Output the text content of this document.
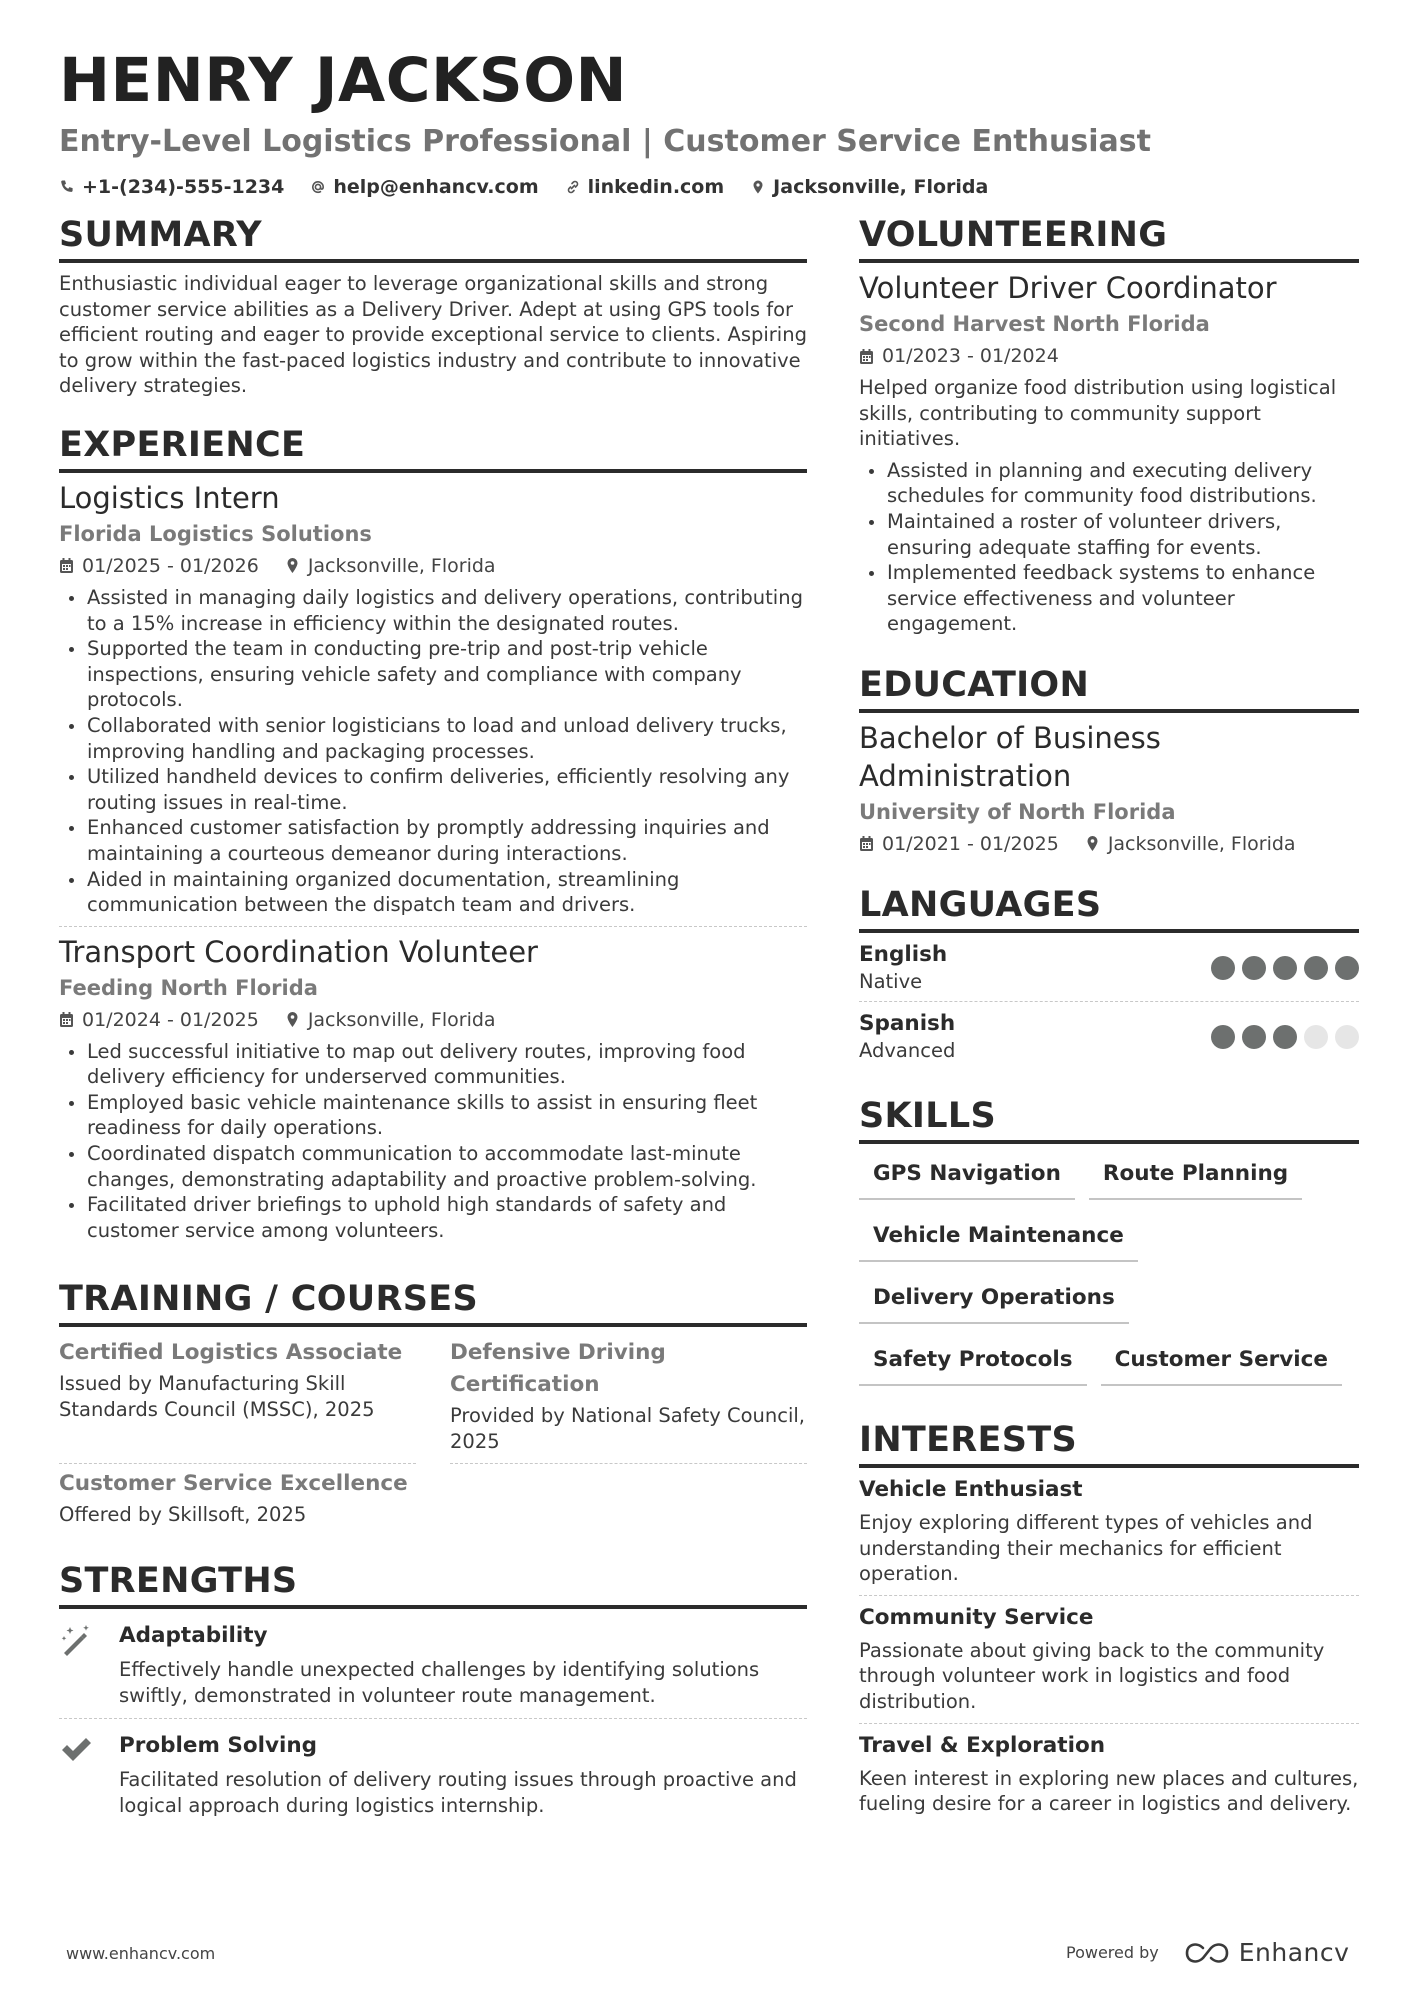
HENRY JACKSON
Entry-Level Logistics Professional | Customer Service Enthusiast
+1-(234)-555-1234	help@enhancv.com	linkedin.com	Jacksonville, Florida
SUMMARY
Enthusiastic individual eager to leverage organizational skills and strong customer service abilities as a Delivery Driver. Adept at using GPS tools for efficient routing and eager to provide exceptional service to clients. Aspiring to grow within the fast-paced logistics industry and contribute to innovative delivery strategies.
EXPERIENCE
Logistics Intern
Florida Logistics Solutions
01/2025 - 01/2026	Jacksonville, Florida
Assisted in managing daily logistics and delivery operations, contributing to a 15% increase in efficiency within the designated routes.
Supported the team in conducting pre-trip and post-trip vehicle inspections, ensuring vehicle safety and compliance with company protocols.
Collaborated with senior logisticians to load and unload delivery trucks, improving handling and packaging processes.
Utilized handheld devices to confirm deliveries, efficiently resolving any routing issues in real-time.
Enhanced customer satisfaction by promptly addressing inquiries and maintaining a courteous demeanor during interactions.
Aided in maintaining organized documentation, streamlining communication between the dispatch team and drivers.
Transport Coordination Volunteer
Feeding North Florida
01/2024 - 01/2025	Jacksonville, Florida
Led successful initiative to map out delivery routes, improving food delivery efficiency for underserved communities.
Employed basic vehicle maintenance skills to assist in ensuring fleet readiness for daily operations.
Coordinated dispatch communication to accommodate last-minute changes, demonstrating adaptability and proactive problem-solving.
Facilitated driver briefings to uphold high standards of safety and customer service among volunteers.
TRAINING / COURSES
Certified Logistics Associate
Issued by Manufacturing Skill Standards Council (MSSC), 2025
Defensive Driving Certification
Provided by National Safety Council, 2025
Customer Service Excellence
Offered by Skillsoft, 2025
STRENGTHS
Adaptability
Effectively handle unexpected challenges by identifying solutions swiftly, demonstrated in volunteer route management.
Problem Solving
Facilitated resolution of delivery routing issues through proactive and logical approach during logistics internship.
VOLUNTEERING
Volunteer Driver Coordinator
Second Harvest North Florida
01/2023 - 01/2024
Helped organize food distribution using logistical skills, contributing to community support initiatives.
Assisted in planning and executing delivery schedules for community food distributions.
Maintained a roster of volunteer drivers, ensuring adequate staffing for events.
Implemented feedback systems to enhance service effectiveness and volunteer engagement.
EDUCATION
Bachelor of Business Administration
University of North Florida
01/2021 - 01/2025	Jacksonville, Florida
LANGUAGES
English
Native
Spanish
Advanced
SKILLS
GPS Navigation	Route Planning
Vehicle Maintenance
Delivery Operations
Safety Protocols	Customer Service
INTERESTS
Vehicle Enthusiast
Enjoy exploring different types of vehicles and understanding their mechanics for efficient operation.
Community Service
Passionate about giving back to the community through volunteer work in logistics and food distribution.
Travel & Exploration
Keen interest in exploring new places and cultures, fueling desire for a career in logistics and delivery.
www.enhancv.com	Powered by	Enhancv
